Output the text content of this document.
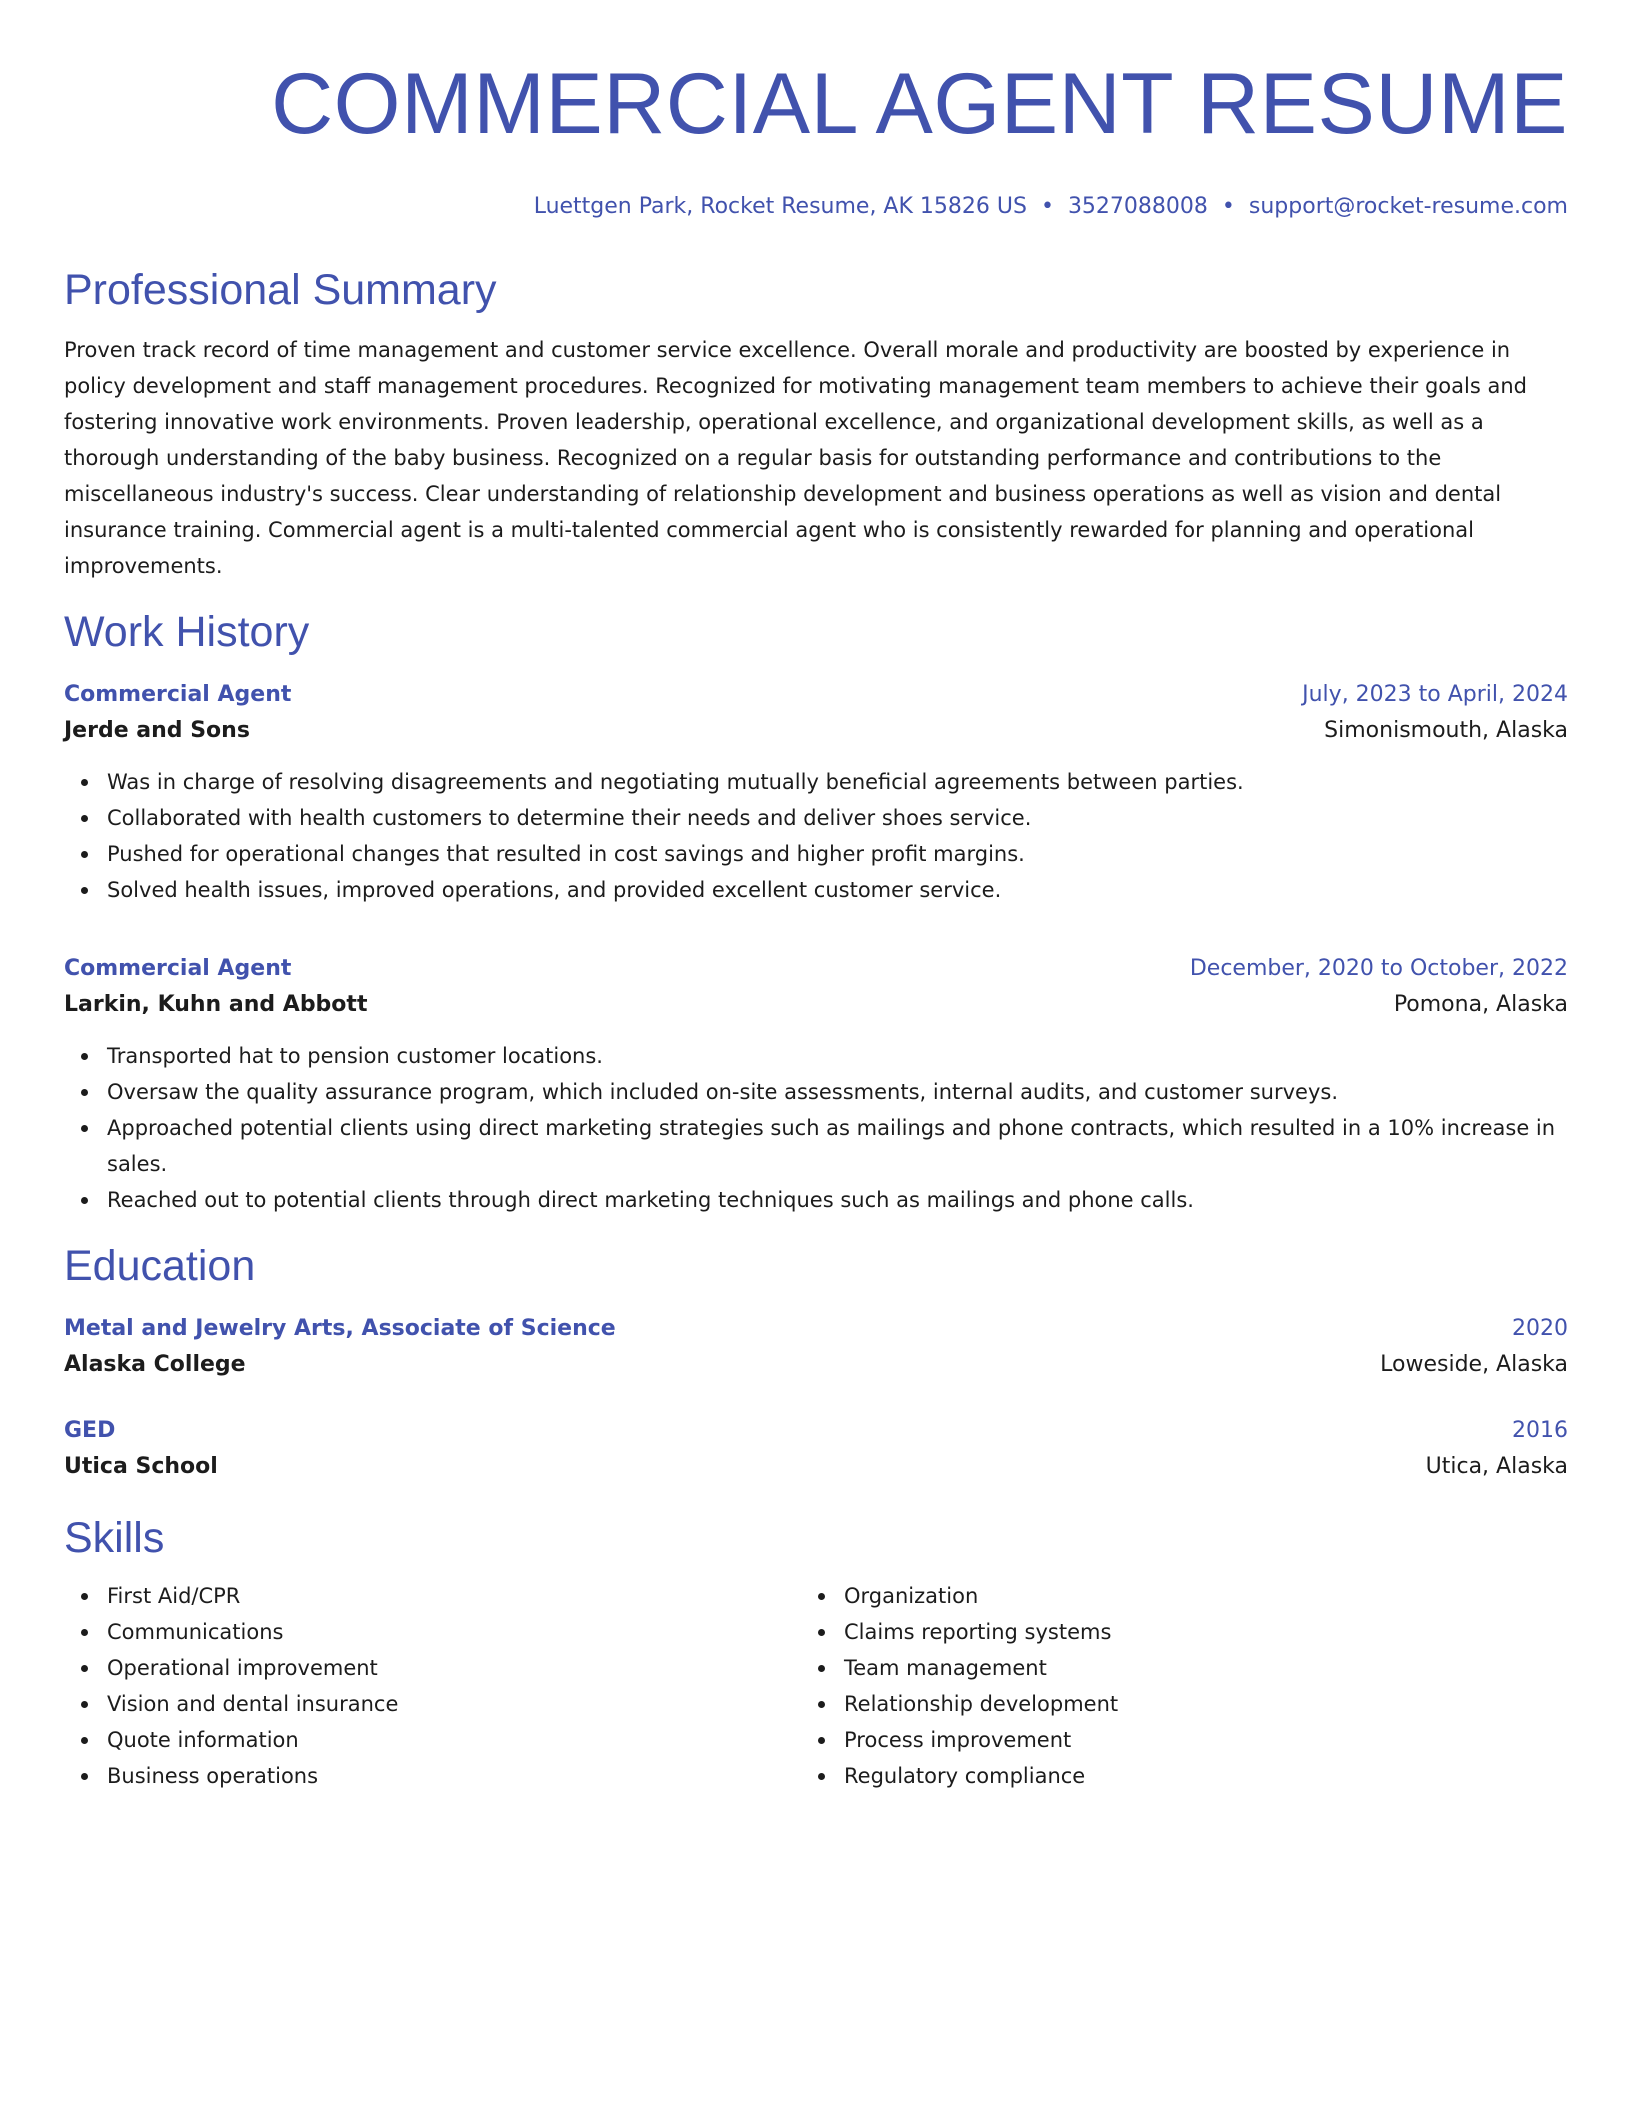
COMMERCIAL AGENT RESUME
Luettgen Park, Rocket Resume, AK 15826 US • 3527088008 • support@rocket-resume.com
Professional Summary
Proven track record of time management and customer service excellence. Overall morale and productivity are boosted by experience in policy development and staff management procedures. Recognized for motivating management team members to achieve their goals and fostering innovative work environments. Proven leadership, operational excellence, and organizational development skills, as well as a thorough understanding of the baby business. Recognized on a regular basis for outstanding performance and contributions to the miscellaneous industry's success. Clear understanding of relationship development and business operations as well as vision and dental insurance training. Commercial agent is a multi-talented commercial agent who is consistently rewarded for planning and operational improvements.
Work History
Commercial Agent	July, 2023 to April, 2024
Jerde and Sons	Simonismouth, Alaska
Was in charge of resolving disagreements and negotiating mutually beneficial agreements between parties.
Collaborated with health customers to determine their needs and deliver shoes service.
Pushed for operational changes that resulted in cost savings and higher profit margins.
Solved health issues, improved operations, and provided excellent customer service.
Commercial Agent	December, 2020 to October, 2022
Larkin, Kuhn and Abbott	Pomona, Alaska
Transported hat to pension customer locations.
Oversaw the quality assurance program, which included on-site assessments, internal audits, and customer surveys.
Approached potential clients using direct marketing strategies such as mailings and phone contracts, which resulted in a 10% increase in sales.
Reached out to potential clients through direct marketing techniques such as mailings and phone calls.
Education
Metal and Jewelry Arts, Associate of Science	2020
Alaska College	Loweside, Alaska
GED	2016
Utica School	Utica, Alaska
Skills
First Aid/CPR
Communications
Operational improvement
Vision and dental insurance
Quote information
Business operations
Organization
Claims reporting systems
Team management
Relationship development
Process improvement
Regulatory compliance
